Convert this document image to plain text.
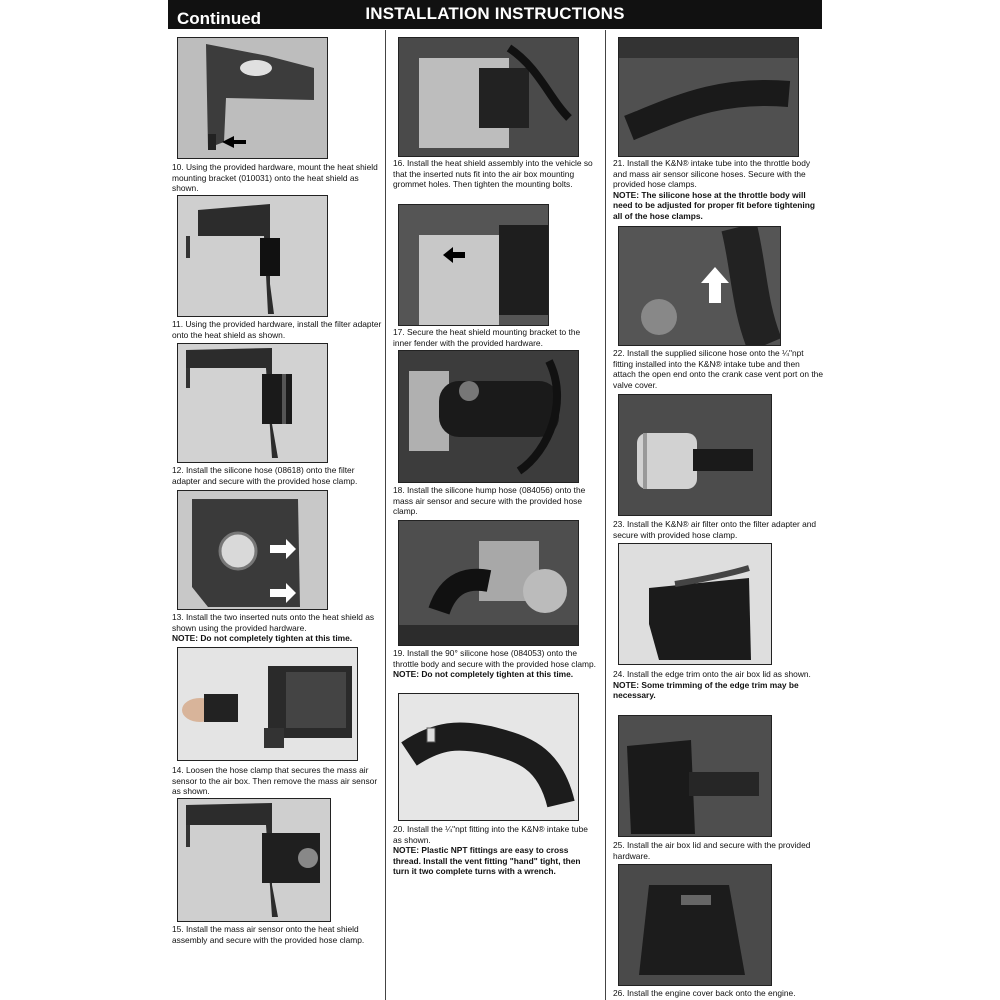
Continued	INSTALLATION INSTRUCTIONS
10. Using the provided hardware, mount the heat shield mounting bracket (010031) onto the heat shield as shown.
11. Using the provided hardware, install the filter adapter onto the heat shield as shown.
12. Install the silicone hose (08618) onto the filter adapter and secure with the provided hose clamp.
13. Install the two inserted nuts onto the heat shield as shown using the provided hardware.
NOTE: Do not completely tighten at this time.
14. Loosen the hose clamp that secures the mass air sensor to the air box. Then remove the mass air sensor as shown.
15. Install the mass air sensor onto the heat shield assembly and secure with the provided hose clamp.
16. Install the heat shield assembly into the vehicle so that the inserted nuts fit into the air box mounting grommet holes. Then tighten the mounting bolts.
17. Secure the heat shield mounting bracket to the inner fender with the provided hardware.
18. Install the silicone hump hose (084056) onto the mass air sensor and secure with the provided hose clamp.
19. Install the 90° silicone hose (084053) onto the throttle body and secure with the provided hose clamp.
NOTE: Do not completely tighten at this time.
20. Install the ¼"npt fitting into the K&N® intake tube as shown.
NOTE: Plastic NPT fittings are easy to cross thread. Install the vent fitting "hand" tight, then turn it two complete turns with a wrench.
21. Install the K&N® intake tube into the throttle body and mass air sensor silicone hoses. Secure with the provided hose clamps.
NOTE: The silicone hose at the throttle body will need to be adjusted for proper fit before tightening all of the hose clamps.
22. Install the supplied silicone hose onto the ¼"npt fitting installed into the K&N® intake tube and then attach the open end onto the crank case vent port on the valve cover.
23. Install the K&N® air filter onto the filter adapter and secure with provided hose clamp.
24. Install the edge trim onto the air box lid as shown.
NOTE: Some trimming of the edge trim may be necessary.
25. Install the air box lid and secure with the provided hardware.
26. Install the engine cover back onto the engine.
